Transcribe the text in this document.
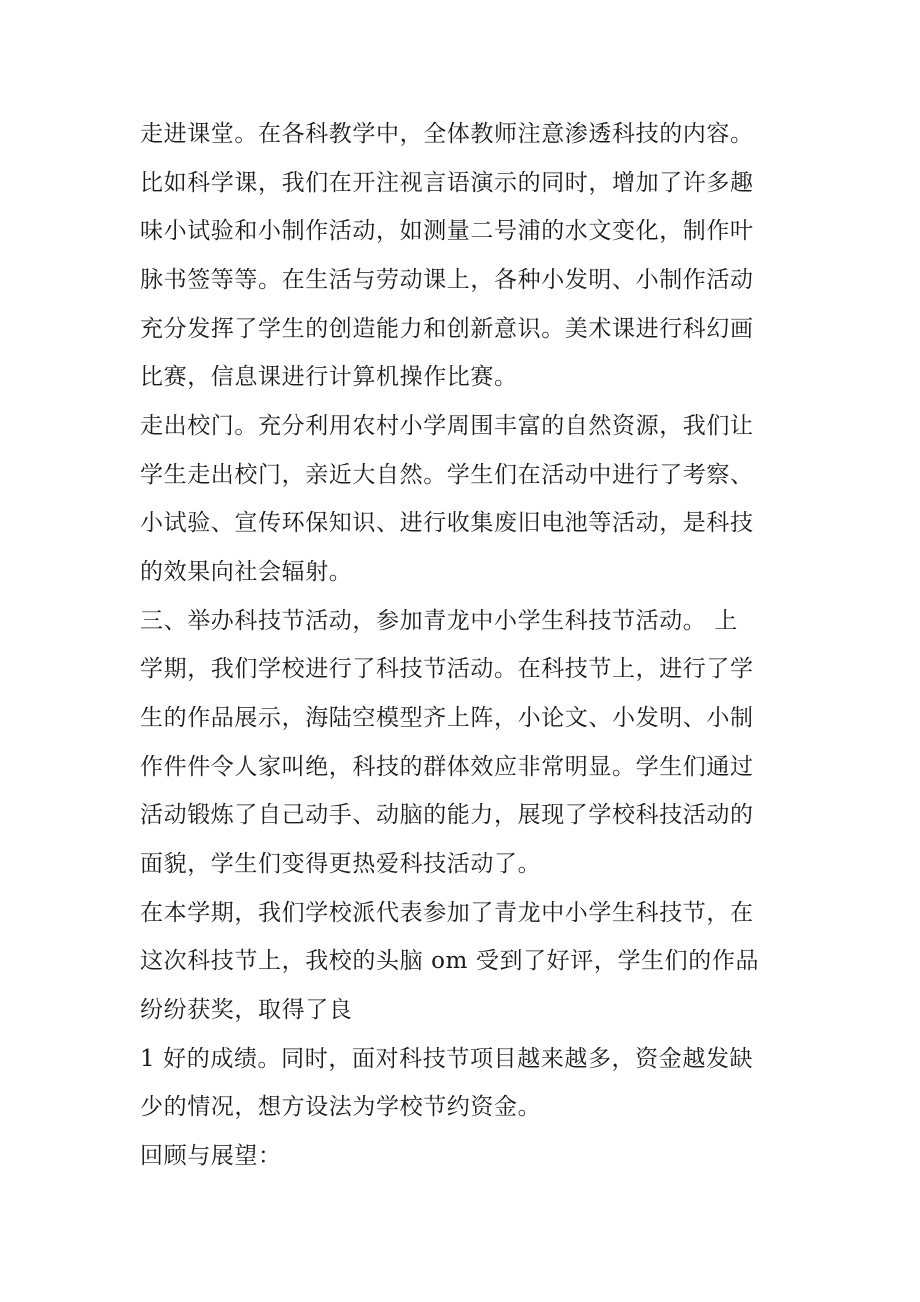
走进课堂。在各科教学中，全体教师注意渗透科技的内容。
比如科学课，我们在开注视言语演示的同时，增加了许多趣
味小试验和小制作活动，如测量二号浦的水文变化，制作叶
脉书签等等。在生活与劳动课上，各种小发明、小制作活动
充分发挥了学生的创造能力和创新意识。美术课进行科幻画
比赛，信息课进行计算机操作比赛。
走出校门。充分利用农村小学周围丰富的自然资源，我们让
学生走出校门，亲近大自然。学生们在活动中进行了考察、
小试验、宣传环保知识、进行收集废旧电池等活动，是科技
的效果向社会辐射。
三、举办科技节活动，参加青龙中小学生科技节活动。 上
学期，我们学校进行了科技节活动。在科技节上，进行了学
生的作品展示，海陆空模型齐上阵，小论文、小发明、小制
作件件令人家叫绝，科技的群体效应非常明显。学生们通过
活动锻炼了自己动手、动脑的能力，展现了学校科技活动的
面貌，学生们变得更热爱科技活动了。
在本学期，我们学校派代表参加了青龙中小学生科技节，在
这次科技节上，我校的头脑 om 受到了好评，学生们的作品
纷纷获奖，取得了良
1 好的成绩。同时，面对科技节项目越来越多，资金越发缺
少的情况，想方设法为学校节约资金。
回顾与展望：
